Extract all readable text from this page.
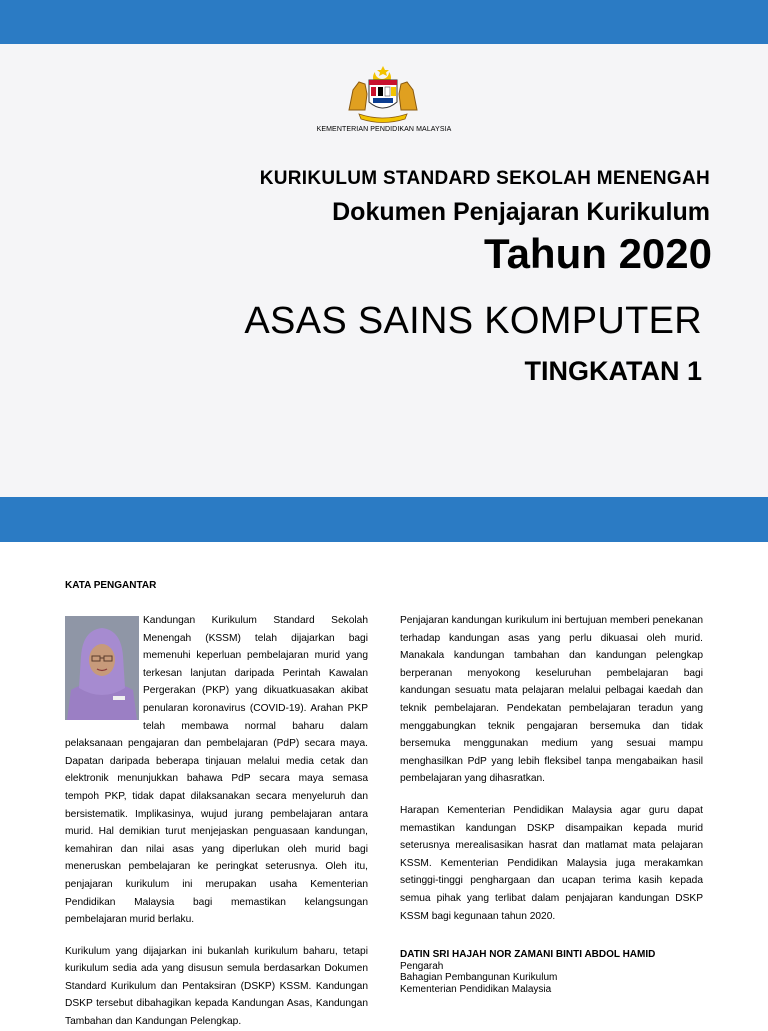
KEMENTERIAN PENDIDIKAN MALAYSIA
KURIKULUM STANDARD SEKOLAH MENENGAH
Dokumen Penjajaran Kurikulum
Tahun 2020
ASAS SAINS KOMPUTER
TINGKATAN 1
KATA PENGANTAR

Kandungan Kurikulum Standard Sekolah Menengah (KSSM) telah dijajarkan bagi memenuhi keperluan pembelajaran murid yang terkesan lanjutan daripada Perintah Kawalan Pergerakan (PKP) yang dikuatkuasakan akibat penularan koronavirus (COVID-19). Arahan PKP telah membawa normal baharu dalam pelaksanaan pengajaran dan pembelajaran (PdP) secara maya. Dapatan daripada beberapa tinjauan melalui media cetak dan elektronik menunjukkan bahawa PdP secara maya semasa tempoh PKP, tidak dapat dilaksanakan secara menyeluruh dan bersistematik. Implikasinya, wujud jurang pembelajaran antara murid. Hal demikian turut menjejaskan penguasaan kandungan, kemahiran dan nilai asas yang diperlukan oleh murid bagi meneruskan pembelajaran ke peringkat seterusnya. Oleh itu, penjajaran kurikulum ini merupakan usaha Kementerian Pendidikan Malaysia bagi memastikan kelangsungan pembelajaran murid berlaku.

Kurikulum yang dijajarkan ini bukanlah kurikulum baharu, tetapi kurikulum sedia ada yang disusun semula berdasarkan Dokumen Standard Kurikulum dan Pentaksiran (DSKP) KSSM. Kandungan DSKP tersebut dibahagikan kepada Kandungan Asas, Kandungan Tambahan dan Kandungan Pelengkap.

Penjajaran kandungan kurikulum ini bertujuan memberi penekanan terhadap kandungan asas yang perlu dikuasai oleh murid. Manakala kandungan tambahan dan kandungan pelengkap berperanan menyokong keseluruhan pembelajaran bagi kandungan sesuatu mata pelajaran melalui pelbagai kaedah dan teknik pembelajaran. Pendekatan pembelajaran teradun yang menggabungkan teknik pengajaran bersemuka dan tidak bersemuka menggunakan medium yang sesuai mampu menghasilkan PdP yang lebih fleksibel tanpa mengabaikan hasil pembelajaran yang dihasratkan.

Harapan Kementerian Pendidikan Malaysia agar guru dapat memastikan kandungan DSKP disampaikan kepada murid seterusnya merealisasikan hasrat dan matlamat mata pelajaran KSSM. Kementerian Pendidikan Malaysia juga merakamkan setinggi-tinggi penghargaan dan ucapan terima kasih kepada semua pihak yang terlibat dalam penjajaran kandungan DSKP KSSM bagi kegunaan tahun 2020.

DATIN SRI HAJAH NOR ZAMANI BINTI ABDOL HAMID
Pengarah
Bahagian Pembangunan Kurikulum
Kementerian Pendidikan Malaysia
